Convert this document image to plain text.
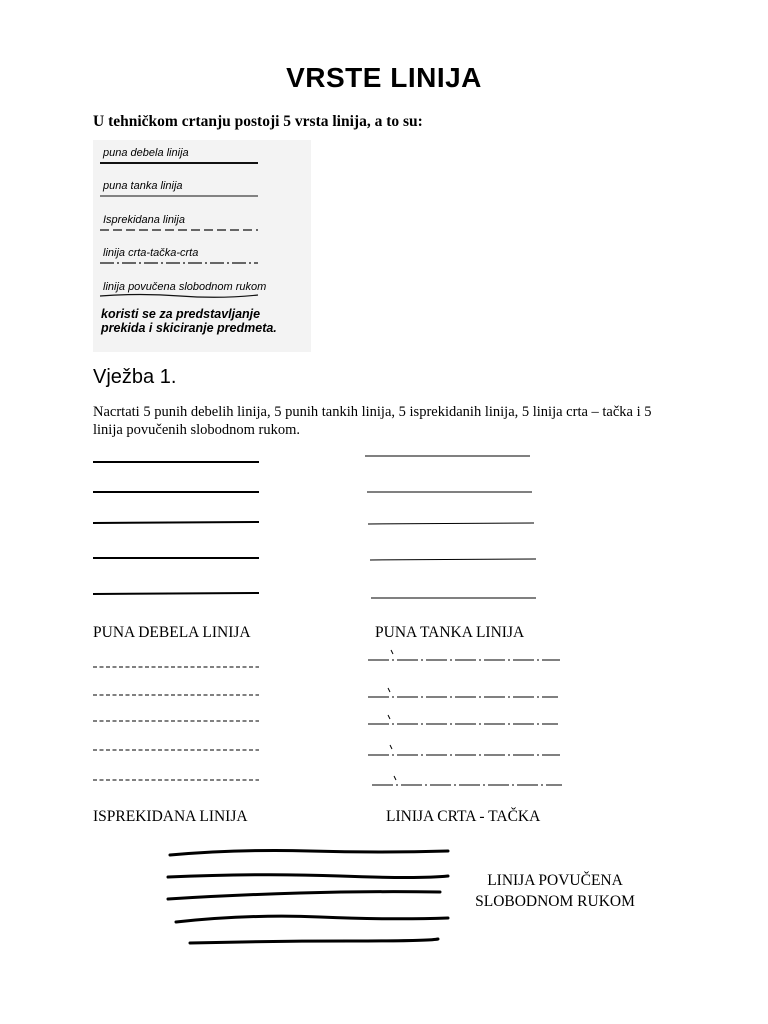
VRSTE LINIJA
U tehničkom crtanju postoji 5 vrsta linija, a to su:
puna debela linija
puna tanka linija
Isprekidana linija
linija crta-tačka-crta
linija povučena slobodnom rukom
koristi se za predstavljanje prekida i skiciranje predmeta.
Vježba 1.
Nacrtati 5 punih debelih linija, 5 punih tankih linija, 5 isprekidanih linija, 5 linija crta – tačka i 5 linija povučenih slobodnom rukom.
PUNA DEBELA LINIJA	PUNA TANKA LINIJA
ISPREKIDANA LINIJA	LINIJA CRTA - TAČKA
LINIJA POVUČENA
SLOBODNOM RUKOM
